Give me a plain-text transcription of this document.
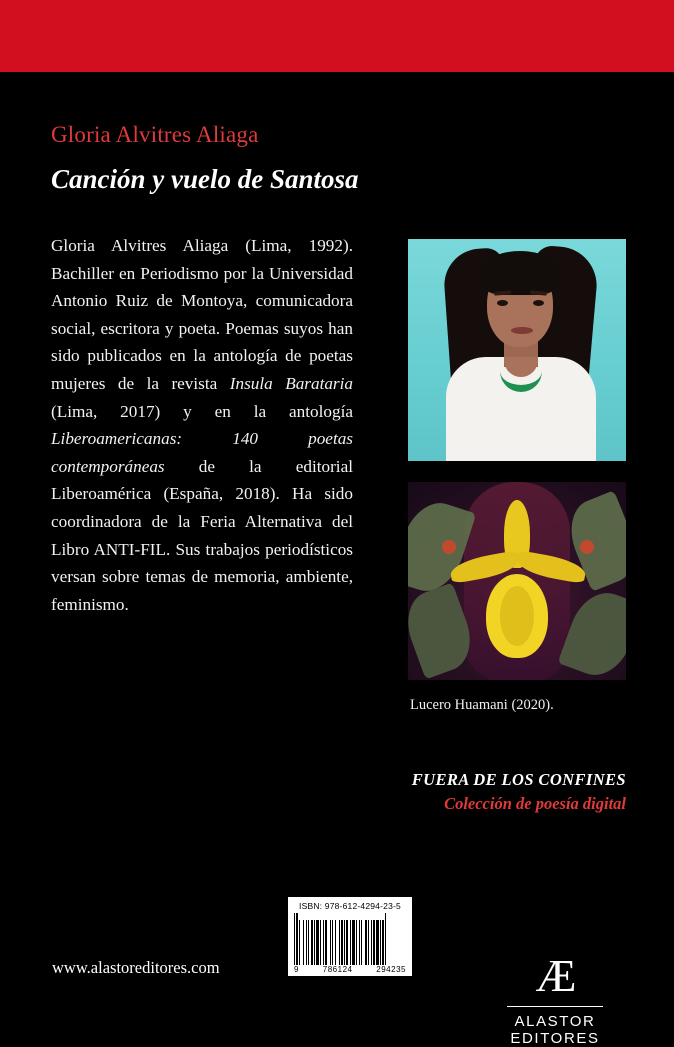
Gloria Alvitres Aliaga
Canción y vuelo de Santosa
Gloria Alvitres Aliaga (Lima, 1992). Bachiller en Periodismo por la Universidad Antonio Ruiz de Montoya, comunicadora social, escritora y poeta. Poemas suyos han sido publicados en la antología de poetas mujeres de la revista Insula Barataria (Lima, 2017) y en la antología Liberoamericanas: 140 poetas contemporáneas de la editorial Liberoamérica (España, 2018). Ha sido coordinadora de la Feria Alternativa del Libro ANTI-FIL. Sus trabajos periodísticos versan sobre temas de memoria, ambiente, feminismo.
Lucero Huamani (2020).
FUERA DE LOS CONFINES
Colección de poesía digital
www.alastoreditores.com
ISBN: 978-612-4294-23-5
9	786124	294235	Æ
ALASTOR EDITORES
